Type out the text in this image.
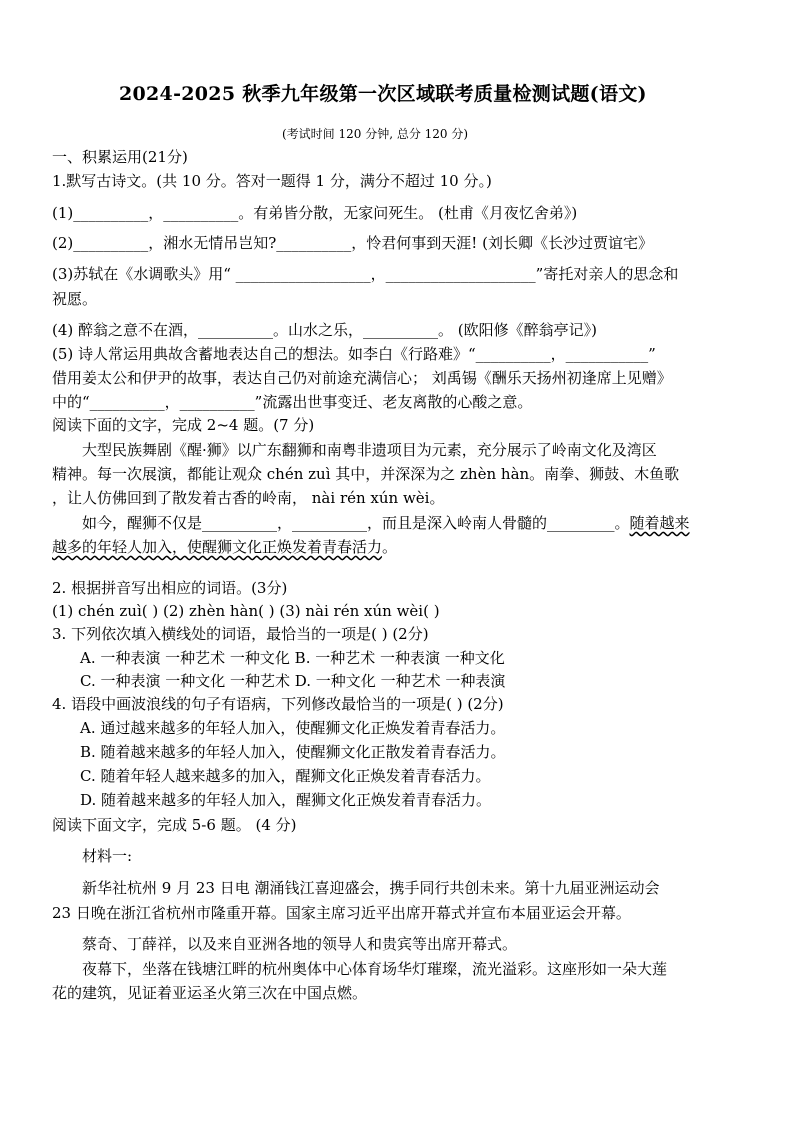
2024-2025 秋季九年级第一次区域联考质量检测试题(语文)
(考试时间 120 分钟, 总分 120 分)
一、积累运用(21分)
1.默写古诗文。(共 10 分。答对一题得 1 分，满分不超过 10 分。)
(1)__________，__________。有弟皆分散，无家问死生。 (杜甫《月夜忆舍弟》)
(2)__________，湘水无情吊岂知?__________，怜君何事到天涯! (刘长卿《长沙过贾谊宅》
(3)苏轼在《水调歌头》用“ __________________，____________________”寄托对亲人的思念和
祝愿。
(4) 醉翁之意不在酒，__________。山水之乐，__________。 (欧阳修《醉翁亭记》)
(5) 诗人常运用典故含蓄地表达自己的想法。如李白《行路难》“__________，___________”
借用姜太公和伊尹的故事，表达自己仍对前途充满信心； 刘禹锡《酬乐天扬州初逢席上见赠》
中的“__________，__________”流露出世事变迁、老友离散的心酸之意。
阅读下面的文字，完成 2~4 题。(7 分)
大型民族舞剧《醒·狮》以广东翻狮和南粤非遗项目为元素，充分展示了岭南文化及湾区
精神。每一次展演，都能让观众 chén zuì 其中，并深深为之 zhèn hàn。南拳、狮鼓、木鱼歌
，让人仿佛回到了散发着古香的岭南， nài rén xún wèi。
如今，醒狮不仅是__________，__________，而且是深入岭南人骨髓的_________。随着越来
越多的年轻人加入，使醒狮文化正焕发着青春活力。
2. 根据拼音写出相应的词语。(3分)
(1) chén zuì( ) (2) zhèn hàn( ) (3) nài rén xún wèi( )
3. 下列依次填入横线处的词语，最恰当的一项是( ) (2分)
A. 一种表演 一种艺术 一种文化 B. 一种艺术 一种表演 一种文化
C. 一种表演 一种文化 一种艺术 D. 一种文化 一种艺术 一种表演
4. 语段中画波浪线的句子有语病，下列修改最恰当的一项是( ) (2分)
A. 通过越来越多的年轻人加入，使醒狮文化正焕发着青春活力。
B. 随着越来越多的年轻人加入，使醒狮文化正散发着青春活力。
C. 随着年轻人越来越多的加入，醒狮文化正焕发着青春活力。
D. 随着越来越多的年轻人加入，醒狮文化正焕发着青春活力。
阅读下面文字，完成 5-6 题。 (4 分)
材料一:
新华社杭州 9 月 23 日电 潮涌钱江喜迎盛会，携手同行共创未来。第十九届亚洲运动会
23 日晚在浙江省杭州市隆重开幕。国家主席习近平出席开幕式并宣布本届亚运会开幕。
蔡奇、丁薛祥，以及来自亚洲各地的领导人和贵宾等出席开幕式。
夜幕下，坐落在钱塘江畔的杭州奥体中心体育场华灯璀璨，流光溢彩。这座形如一朵大莲
花的建筑，见证着亚运圣火第三次在中国点燃。
